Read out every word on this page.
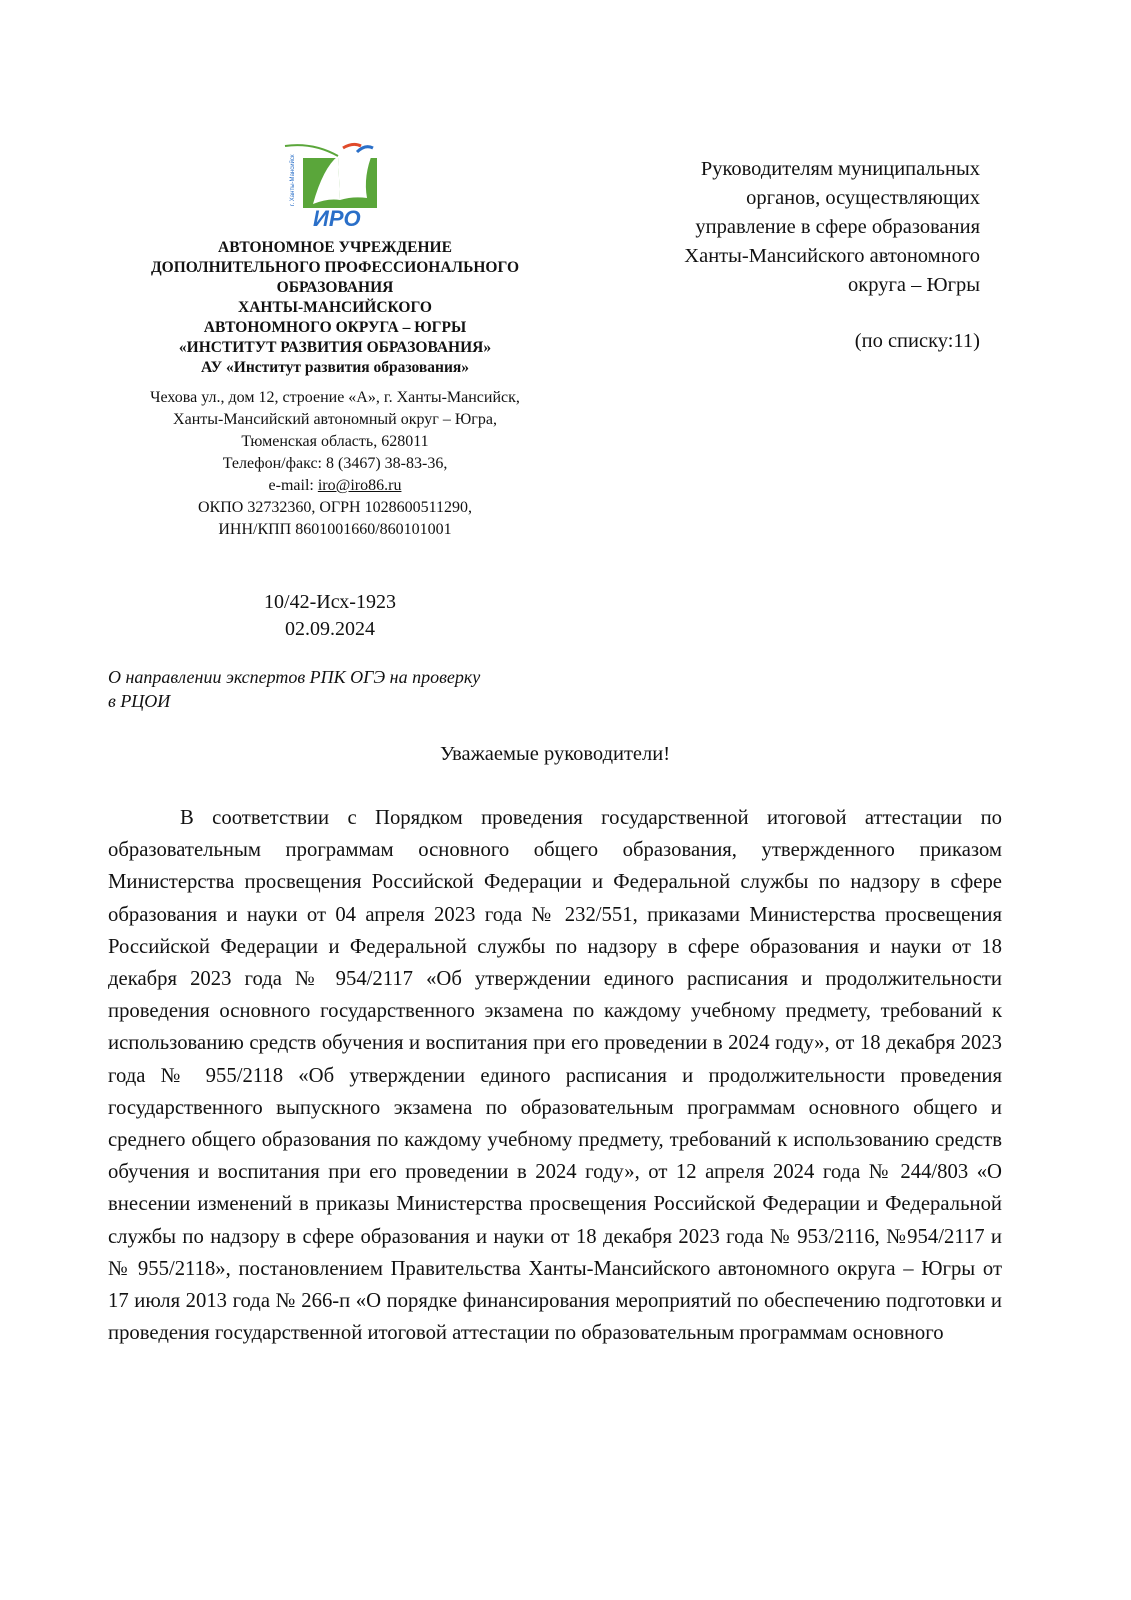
г. Ханты-Мансийск
ИРО
АВТОНОМНОЕ УЧРЕЖДЕНИЕ
ДОПОЛНИТЕЛЬНОГО ПРОФЕССИОНАЛЬНОГО
ОБРАЗОВАНИЯ
ХАНТЫ-МАНСИЙСКОГО
АВТОНОМНОГО ОКРУГА – ЮГРЫ
«ИНСТИТУТ РАЗВИТИЯ ОБРАЗОВАНИЯ»
АУ «Институт развития образования»
Чехова ул., дом 12, строение «А», г. Ханты-Мансийск,
Ханты-Мансийский автономный округ – Югра,
Тюменская область, 628011
Телефон/факс: 8 (3467) 38-83-36,
e-mail: iro@iro86.ru
ОКПО 32732360, ОГРН 1028600511290,
ИНН/КПП 8601001660/860101001
Руководителям муниципальных
органов, осуществляющих
управление в сфере образования
Ханты-Мансийского автономного
округа – Югры
(по списку:11)
10/42-Исх-1923
02.09.2024
О направлении экспертов РПК ОГЭ на проверку
в РЦОИ
Уважаемые руководители!

В соответствии с Порядком проведения государственной итоговой аттестации по образовательным программам основного общего образования, утвержденного приказом Министерства просвещения Российской Федерации и Федеральной службы по надзору в сфере образования и науки от 04 апреля 2023 года № 232/551, приказами Министерства просвещения Российской Федерации и Федеральной службы по надзору в сфере образования и науки от 18 декабря 2023 года № 954/2117 «Об утверждении единого расписания и продолжительности проведения основного государственного экзамена по каждому учебному предмету, требований к использованию средств обучения и воспитания при его проведении в 2024 году», от 18 декабря 2023 года № 955/2118 «Об утверждении единого расписания и продолжительности проведения государственного выпускного экзамена по образовательным программам основного общего и среднего общего образования по каждому учебному предмету, требований к использованию средств обучения и воспитания при его проведении в 2024 году», от 12 апреля 2024 года № 244/803 «О внесении изменений в приказы Министерства просвещения Российской Федерации и Федеральной службы по надзору в сфере образования и науки от 18 декабря 2023 года № 953/2116, №954/2117 и № 955/2118», постановлением Правительства Ханты-Мансийского автономного округа – Югры от 17 июля 2013 года № 266-п «О порядке финансирования мероприятий по обеспечению подготовки и проведения государственной итоговой аттестации по образовательным программам основного
